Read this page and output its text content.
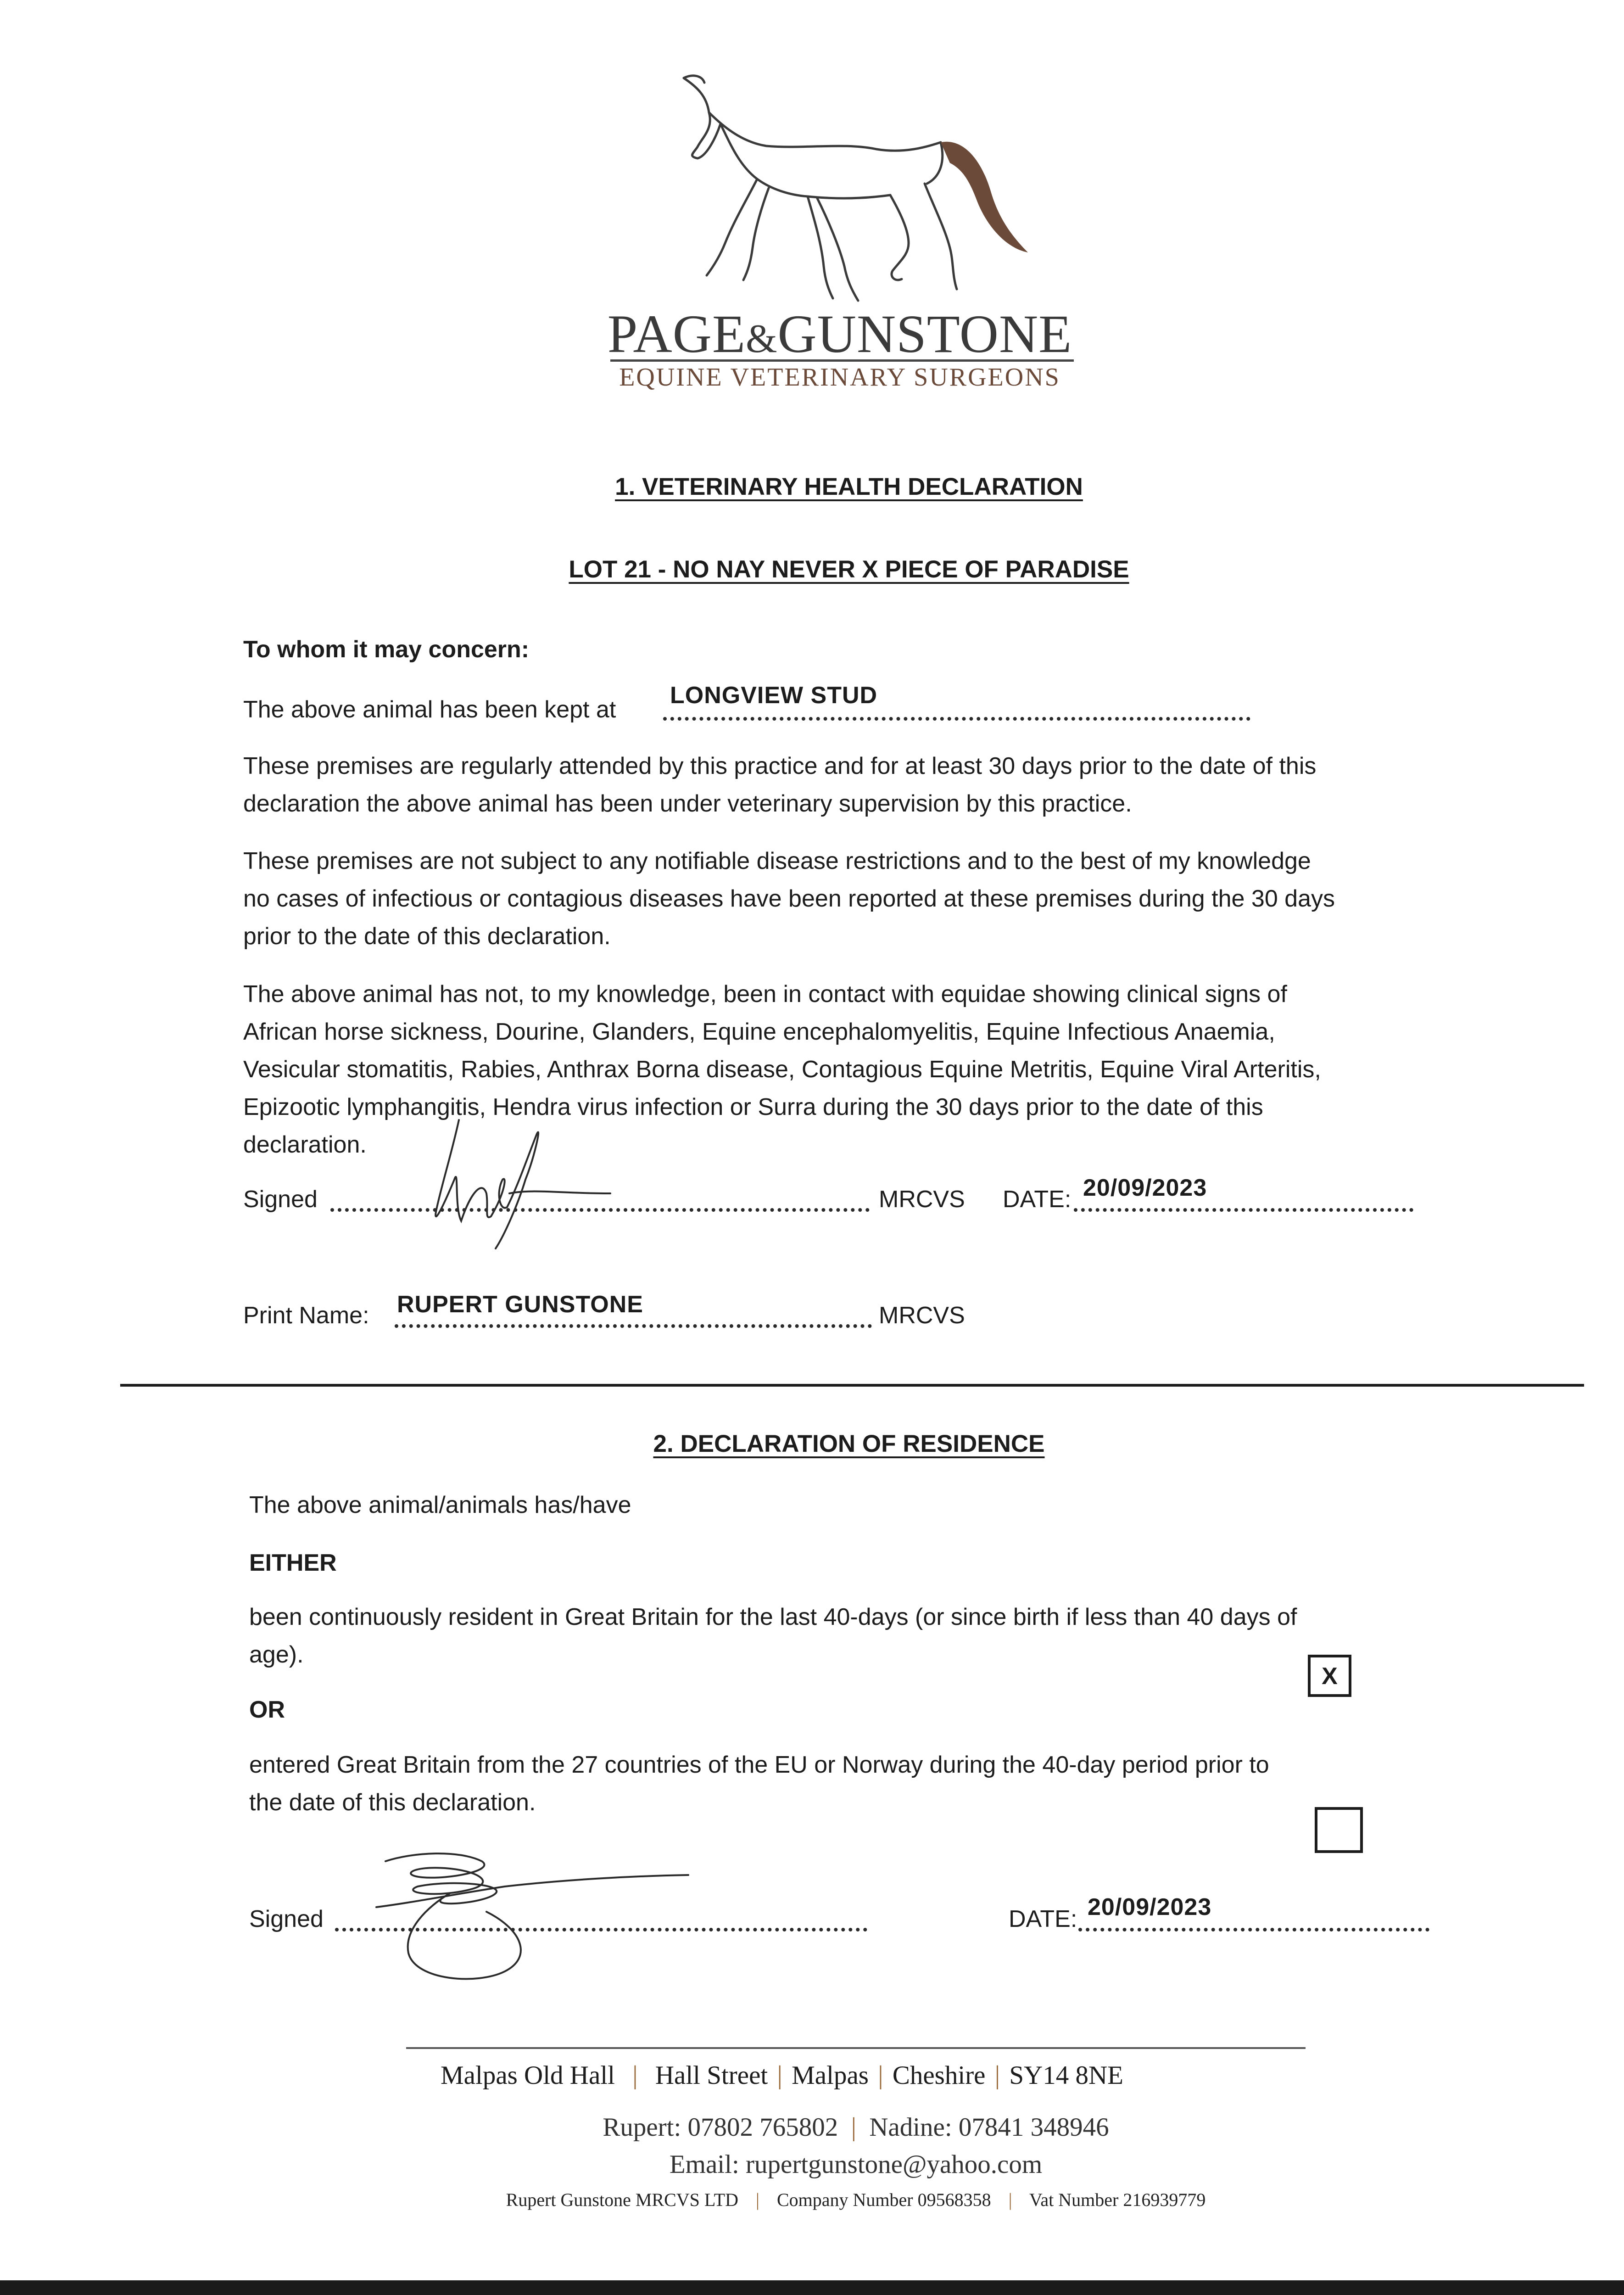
PAGE&GUNSTONE
EQUINE VETERINARY SURGEONS
1. VETERINARY HEALTH DECLARATION
LOT 21 - NO NAY NEVER X PIECE OF PARADISE
To whom it may concern:
The above animal has been kept at
LONGVIEW STUD
These premises are regularly attended by this practice and for at least 30 days prior to the date of this
declaration the above animal has been under veterinary supervision by this practice.
These premises are not subject to any notifiable disease restrictions and to the best of my knowledge
no cases of infectious or contagious diseases have been reported at these premises during the 30 days
prior to the date of this declaration.
The above animal has not, to my knowledge, been in contact with equidae showing clinical signs of
African horse sickness, Dourine, Glanders, Equine encephalomyelitis, Equine Infectious Anaemia,
Vesicular stomatitis, Rabies, Anthrax Borna disease, Contagious Equine Metritis, Equine Viral Arteritis,
Epizootic lymphangitis, Hendra virus infection or Surra during the 30 days prior to the date of this
declaration.
Signed	MRCVS DATE: 20/09/2023
Print Name: RUPERT GUNSTONE	MRCVS
2. DECLARATION OF RESIDENCE
The above animal/animals has/have
EITHER
been continuously resident in Great Britain for the last 40-days (or since birth if less than 40 days of
age).
X
OR
entered Great Britain from the 27 countries of the EU or Norway during the 40-day period prior to
the date of this declaration.
Signed	DATE: 20/09/2023
Malpas Old Hall | Hall Street | Malpas | Cheshire | SY14 8NE
Rupert: 07802 765802 | Nadine: 07841 348946
Email: rupertgunstone@yahoo.com
Rupert Gunstone MRCVS LTD | Company Number 09568358 | Vat Number 216939779
